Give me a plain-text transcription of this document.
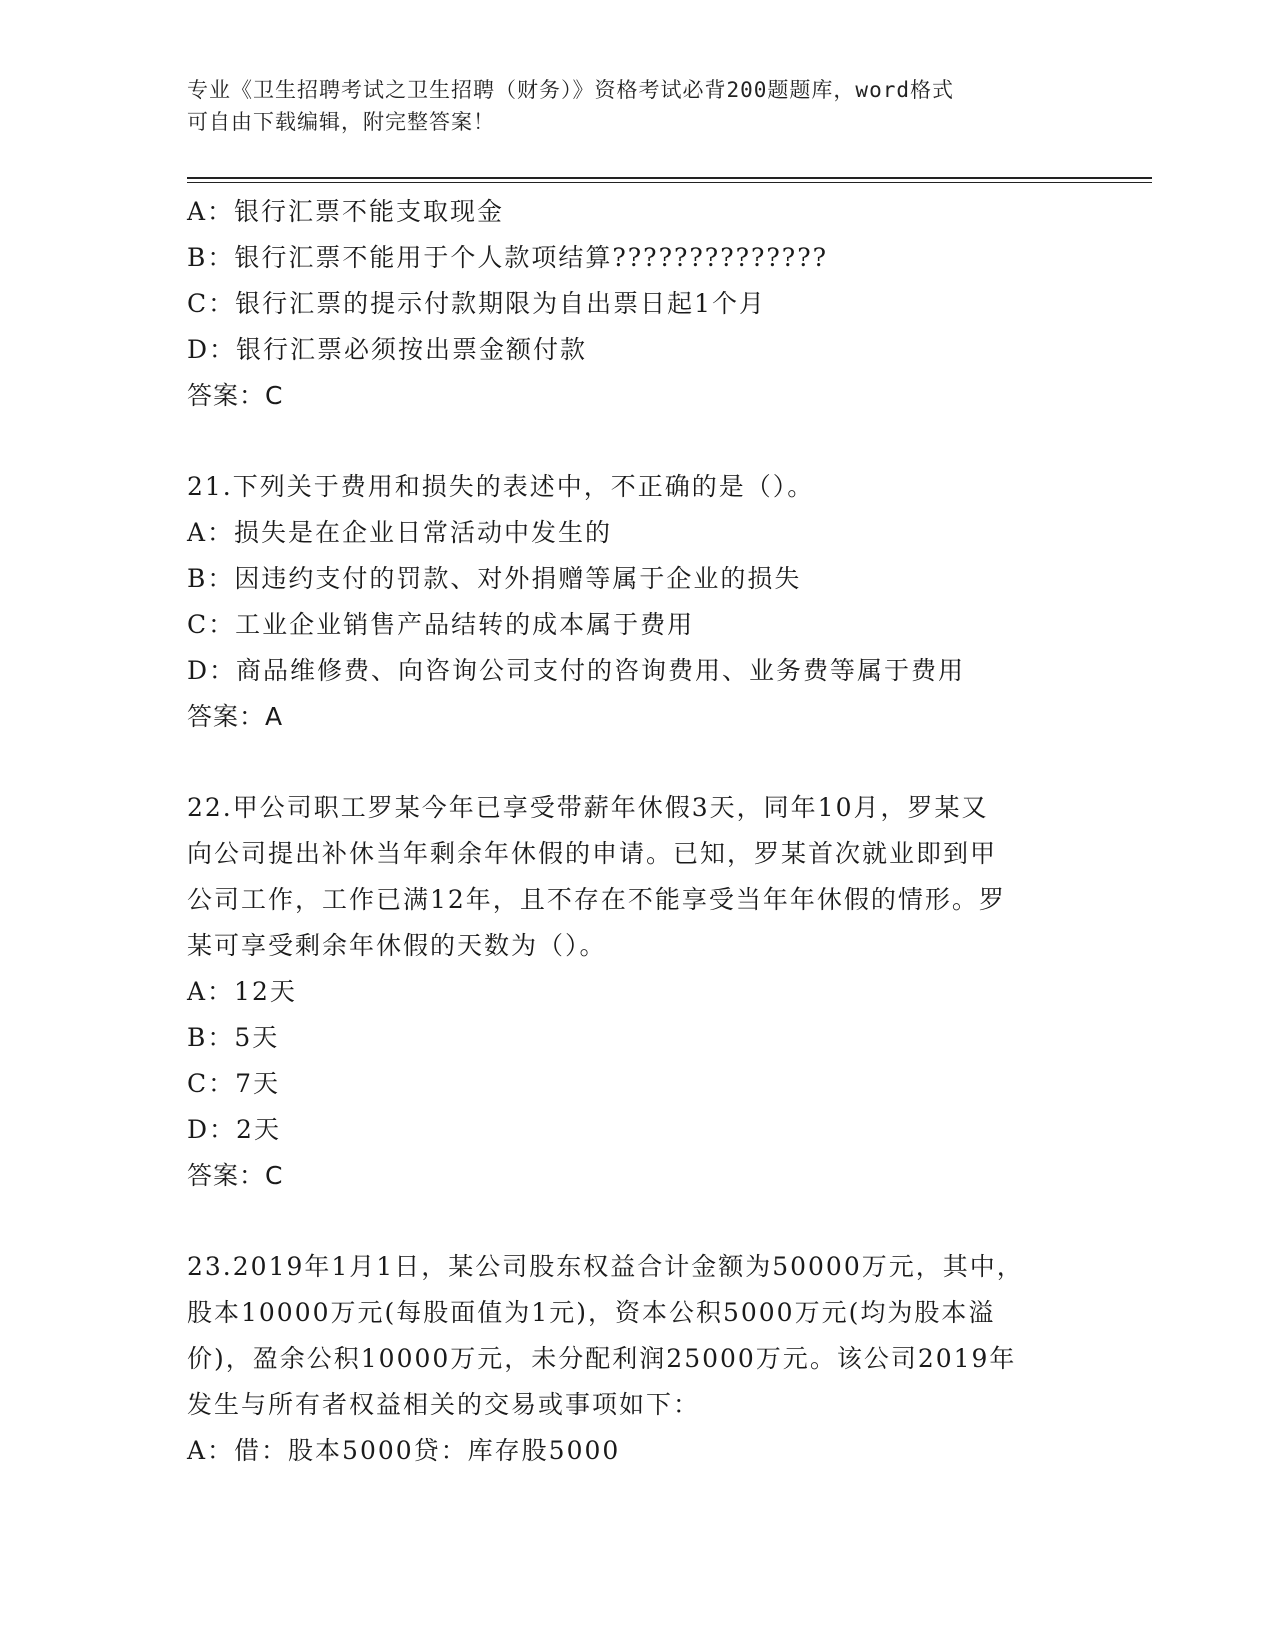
专业《卫生招聘考试之卫生招聘（财务）》资格考试必背200题题库，word格式
可自由下载编辑，附完整答案！
A：银行汇票不能支取现金
B：银行汇票不能用于个人款项结算??????????????
C：银行汇票的提示付款期限为自出票日起1个月
D：银行汇票必须按出票金额付款
答案：C
21.下列关于费用和损失的表述中，不正确的是（）。
A：损失是在企业日常活动中发生的
B：因违约支付的罚款、对外捐赠等属于企业的损失
C：工业企业销售产品结转的成本属于费用
D：商品维修费、向咨询公司支付的咨询费用、业务费等属于费用
答案：A
22.甲公司职工罗某今年已享受带薪年休假3天，同年10月，罗某又
向公司提出补休当年剩余年休假的申请。已知，罗某首次就业即到甲
公司工作，工作已满12年，且不存在不能享受当年年休假的情形。罗
某可享受剩余年休假的天数为（）。
A：12天
B：5天
C：7天
D：2天
答案：C
23.2019年1月1日，某公司股东权益合计金额为50000万元，其中，
股本10000万元(每股面值为1元)，资本公积5000万元(均为股本溢
价)，盈余公积10000万元，未分配利润25000万元。该公司2019年
发生与所有者权益相关的交易或事项如下：
A：借：股本5000贷：库存股5000
